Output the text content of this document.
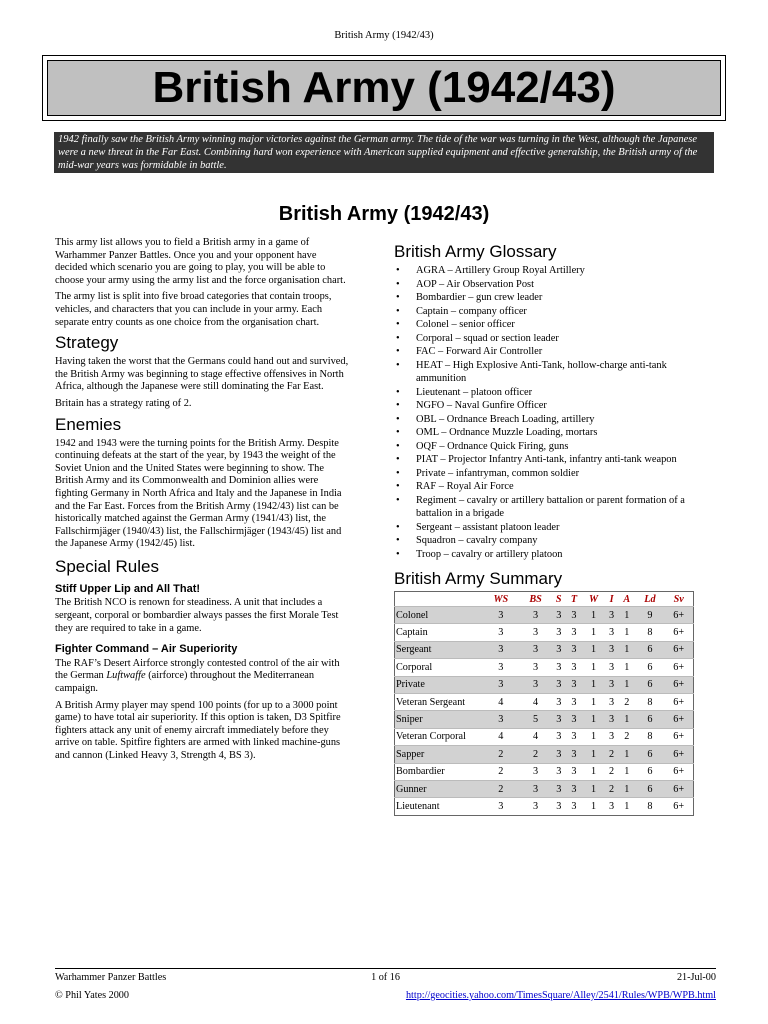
British Army (1942/43)
British Army (1942/43)
1942 finally saw the British Army winning major victories against the German army. The tide of the war was turning in the West, although the Japanese were a new threat in the Far East. Combining hard won experience with American supplied equipment and effective generalship, the British army of the mid-war years was formidable in battle.
British Army (1942/43)

This army list allows you to field a British army in a game of Warhammer Panzer Battles. Once you and your opponent have decided which scenario you are going to play, you will be able to choose your army using the army list and the force organisation chart.

The army list is split into five broad categories that contain troops, vehicles, and characters that you can include in your army. Each separate entry counts as one choice from the organisation chart.

Strategy

Having taken the worst that the Germans could hand out and survived, the British Army was beginning to stage effective offensives in North Africa, although the Japanese were still dominating the Far East.

Britain has a strategy rating of 2.

Enemies

1942 and 1943 were the turning points for the British Army. Despite continuing defeats at the start of the year, by 1943 the weight of the Soviet Union and the United States were beginning to show. The British Army and its Commonwealth and Dominion allies were fighting Germany in North Africa and Italy and the Japanese in India and the Far East. Forces from the British Army (1942/43) list can be historically matched against the German Army (1941/43) list, the Fallschirmjäger (1940/43) list, the Fallschirmjäger (1943/45) list and the Japanese Army (1942/45) list.

Special Rules
Stiff Upper Lip and All That!

The British NCO is renown for steadiness. A unit that includes a sergeant, corporal or bombardier always passes the first Morale Test they are required to take in a game.

Fighter Command – Air Superiority

The RAF’s Desert Airforce strongly contested control of the air with the German Luftwaffe (airforce) throughout the Mediterranean campaign.

A British Army player may spend 100 points (for up to a 3000 point game) to have total air superiority. If this option is taken, D3 Spitfire fighters attack any unit of enemy aircraft immediately before they arrive on table. Spitfire fighters are armed with linked machine-guns and cannon (Linked Heavy 3, Strength 4, BS 3).

British Army Glossary
• AGRA – Artillery Group Royal Artillery
• AOP – Air Observation Post
• Bombardier – gun crew leader
• Captain – company officer
• Colonel – senior officer
• Corporal – squad or section leader
• FAC – Forward Air Controller
• HEAT – High Explosive Anti-Tank, hollow-charge anti-tank ammunition
• Lieutenant – platoon officer
• NGFO – Naval Gunfire Officer
• OBL – Ordnance Breach Loading, artillery
• OML – Ordnance Muzzle Loading, mortars
• OQF – Ordnance Quick Firing, guns
• PIAT – Projector Infantry Anti-tank, infantry anti-tank weapon
• Private – infantryman, common soldier
• RAF – Royal Air Force
• Regiment – cavalry or artillery battalion or parent formation of a battalion in a brigade
• Sergeant – assistant platoon leader
• Squadron – cavalry company
• Troop – cavalry or artillery platoon
British Army Summary
	WS	BS	S	T	W	I	A	Ld	Sv
Colonel	3	3	3	3	1	3	1	9	6+
Captain	3	3	3	3	1	3	1	8	6+
Sergeant	3	3	3	3	1	3	1	6	6+
Corporal	3	3	3	3	1	3	1	6	6+
Private	3	3	3	3	1	3	1	6	6+
Veteran Sergeant	4	4	3	3	1	3	2	8	6+
Sniper	3	5	3	3	1	3	1	6	6+
Veteran Corporal	4	4	3	3	1	3	2	8	6+
Sapper	2	2	3	3	1	2	1	6	6+
Bombardier	2	3	3	3	1	2	1	6	6+
Gunner	2	3	3	3	1	2	1	6	6+
Lieutenant	3	3	3	3	1	3	1	8	6+
Warhammer Panzer Battles	1 of 16	21-Jul-00
© Phil Yates 2000	http://geocities.yahoo.com/TimesSquare/Alley/2541/Rules/WPB/WPB.html
